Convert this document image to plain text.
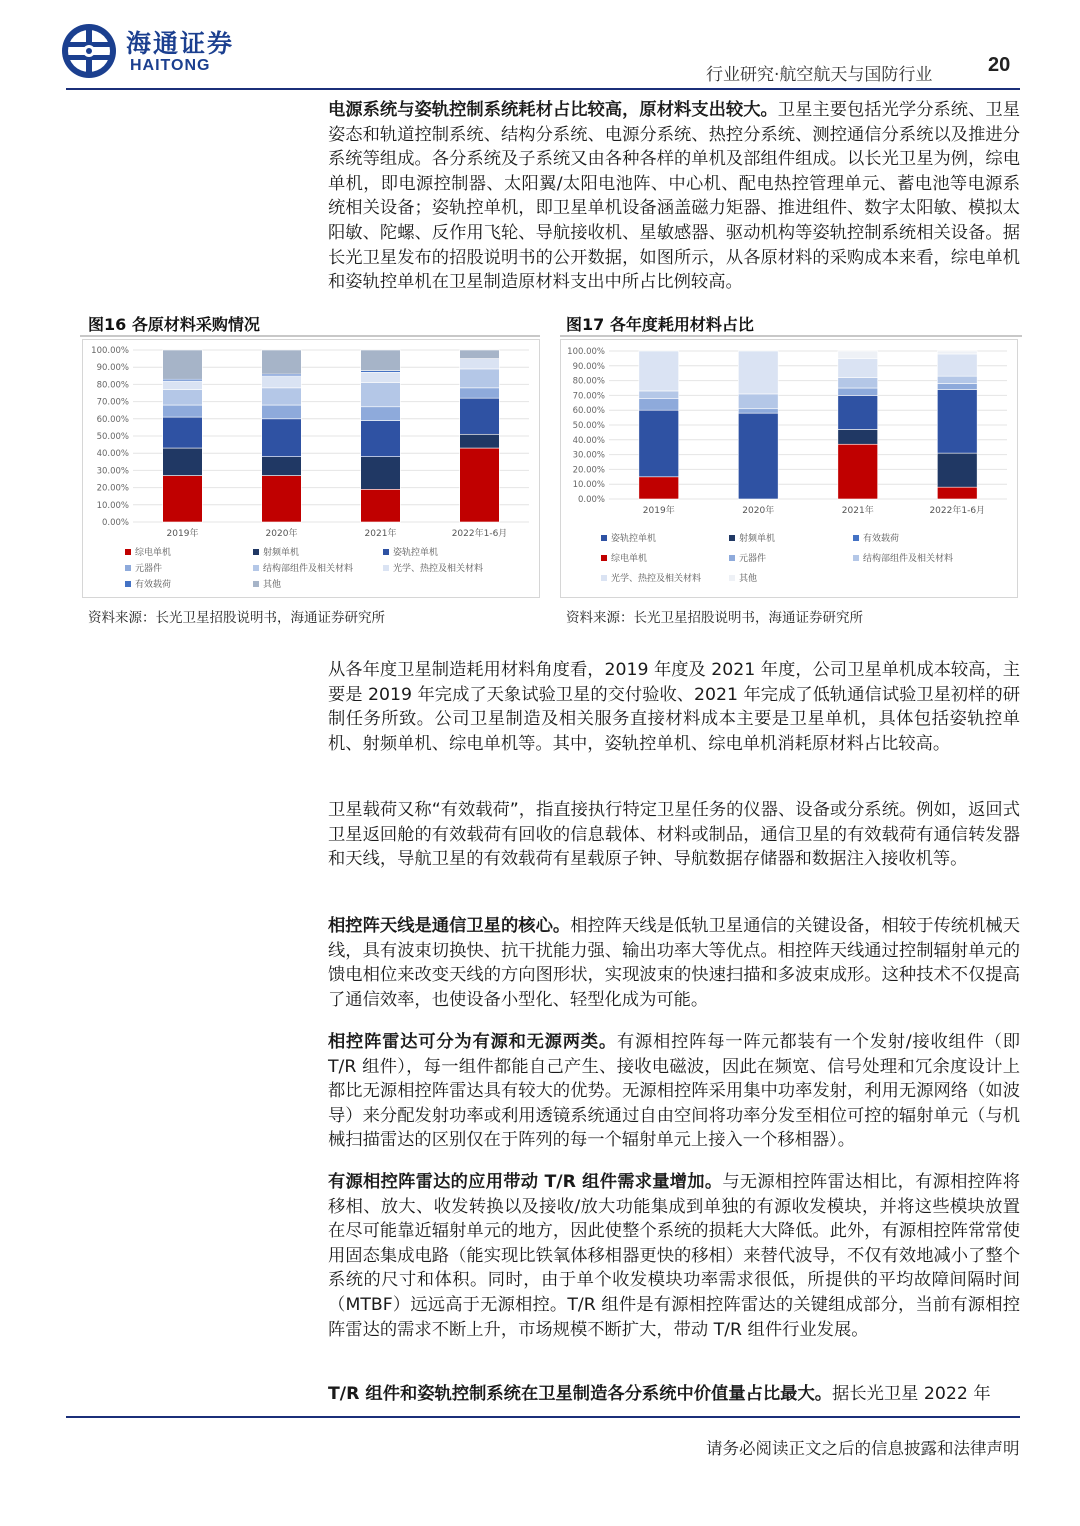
海通证券
HAITONG	行业研究·航空航天与国防行业	20
电源系统与姿轨控制系统耗材占比较高，原材料支出较大。卫星主要包括光学分系统、卫星姿态和轨道控制系统、结构分系统、电源分系统、热控分系统、测控通信分系统以及推进分系统等组成。各分系统及子系统又由各种各样的单机及部组件组成。以长光卫星为例，综电单机，即电源控制器、太阳翼/太阳电池阵、中心机、配电热控管理单元、蓄电池等电源系统相关设备；姿轨控单机，即卫星单机设备涵盖磁力矩器、推进组件、数字太阳敏、模拟太阳敏、陀螺、反作用飞轮、导航接收机、星敏感器、驱动机构等姿轨控制系统相关设备。据长光卫星发布的招股说明书的公开数据，如图所示，从各原材料的采购成本来看，综电单机和姿轨控单机在卫星制造原材料支出中所占比例较高。
图16 各原材料采购情况
0.00%
10.00%
20.00%
30.00%
40.00%
50.00%
60.00%
70.00%
80.00%
90.00%
100.00%
2019年	2020年	2021年	2022年1-6月
综电单机	射频单机	姿轨控单机
元器件	结构部组件及相关材料	光学、热控及相关材料
有效载荷	其他
资料来源：长光卫星招股说明书，海通证券研究所
图17 各年度耗用材料占比
0.00%
10.00%
20.00%
30.00%
40.00%
50.00%
60.00%
70.00%
80.00%
90.00%
100.00%
2019年	2020年	2021年	2022年1-6月
姿轨控单机	射频单机	有效载荷
综电单机	元器件	结构部组件及相关材料
光学、热控及相关材料	其他
资料来源：长光卫星招股说明书，海通证券研究所
从各年度卫星制造耗用材料角度看，2019 年度及 2021 年度，公司卫星单机成本较高，主要是 2019 年完成了天象试验卫星的交付验收、2021 年完成了低轨通信试验卫星初样的研制任务所致。公司卫星制造及相关服务直接材料成本主要是卫星单机，具体包括姿轨控单机、射频单机、综电单机等。其中，姿轨控单机、综电单机消耗原材料占比较高。
卫星载荷又称“有效载荷”，指直接执行特定卫星任务的仪器、设备或分系统。例如，返回式卫星返回舱的有效载荷有回收的信息载体、材料或制品，通信卫星的有效载荷有通信转发器和天线，导航卫星的有效载荷有星载原子钟、导航数据存储器和数据注入接收机等。
相控阵天线是通信卫星的核心。相控阵天线是低轨卫星通信的关键设备，相较于传统机械天线，具有波束切换快、抗干扰能力强、输出功率大等优点。相控阵天线通过控制辐射单元的馈电相位来改变天线的方向图形状，实现波束的快速扫描和多波束成形。这种技术不仅提高了通信效率，也使设备小型化、轻型化成为可能。
相控阵雷达可分为有源和无源两类。有源相控阵每一阵元都装有一个发射/接收组件（即 T/R 组件），每一组件都能自己产生、接收电磁波，因此在频宽、信号处理和冗余度设计上都比无源相控阵雷达具有较大的优势。无源相控阵采用集中功率发射，利用无源网络（如波导）来分配发射功率或利用透镜系统通过自由空间将功率分发至相位可控的辐射单元（与机械扫描雷达的区别仅在于阵列的每一个辐射单元上接入一个移相器）。
有源相控阵雷达的应用带动 T/R 组件需求量增加。与无源相控阵雷达相比，有源相控阵将移相、放大、收发转换以及接收/放大功能集成到单独的有源收发模块，并将这些模块放置在尽可能靠近辐射单元的地方，因此使整个系统的损耗大大降低。此外，有源相控阵常常使用固态集成电路（能实现比铁氧体移相器更快的移相）来替代波导，不仅有效地减小了整个系统的尺寸和体积。同时，由于单个收发模块功率需求很低，所提供的平均故障间隔时间（MTBF）远远高于无源相控。T/R 组件是有源相控阵雷达的关键组成部分，当前有源相控阵雷达的需求不断上升，市场规模不断扩大，带动 T/R 组件行业发展。
T/R 组件和姿轨控制系统在卫星制造各分系统中价值量占比最大。据长光卫星 2022 年
请务必阅读正文之后的信息披露和法律声明
